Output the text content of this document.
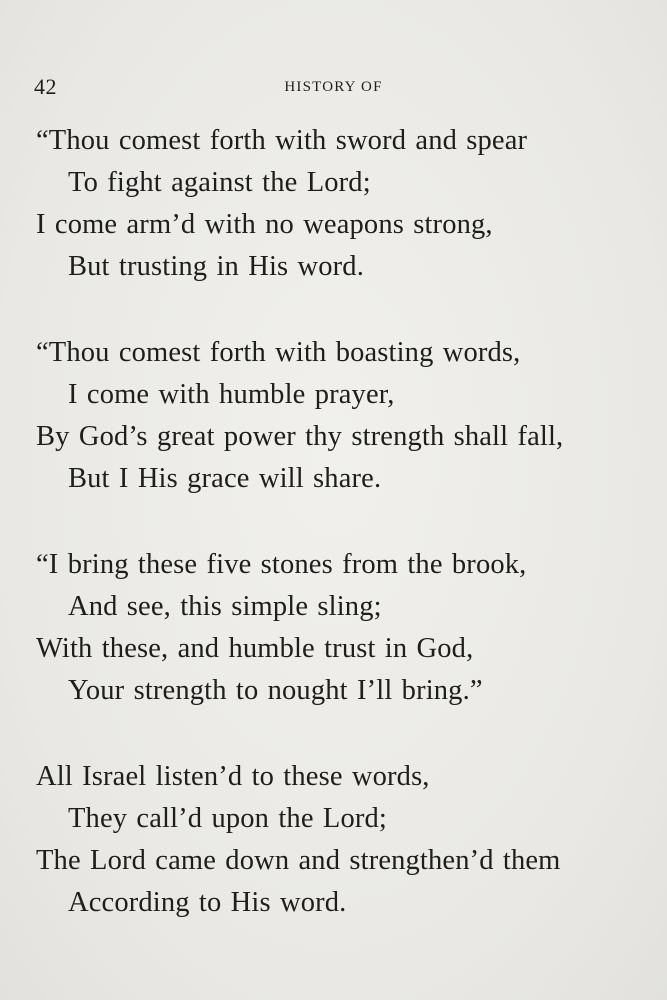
42	HISTORY OF
“Thou comest forth with sword and spear
To fight against the Lord;
I come arm’d with no weapons strong,
But trusting in His word.
“Thou comest forth with boasting words,
I come with humble prayer,
By God’s great power thy strength shall fall,
But I His grace will share.
“I bring these five stones from the brook,
And see, this simple sling;
With these, and humble trust in God,
Your strength to nought I’ll bring.”
All Israel listen’d to these words,
They call’d upon the Lord;
The Lord came down and strengthen’d them
According to His word.
